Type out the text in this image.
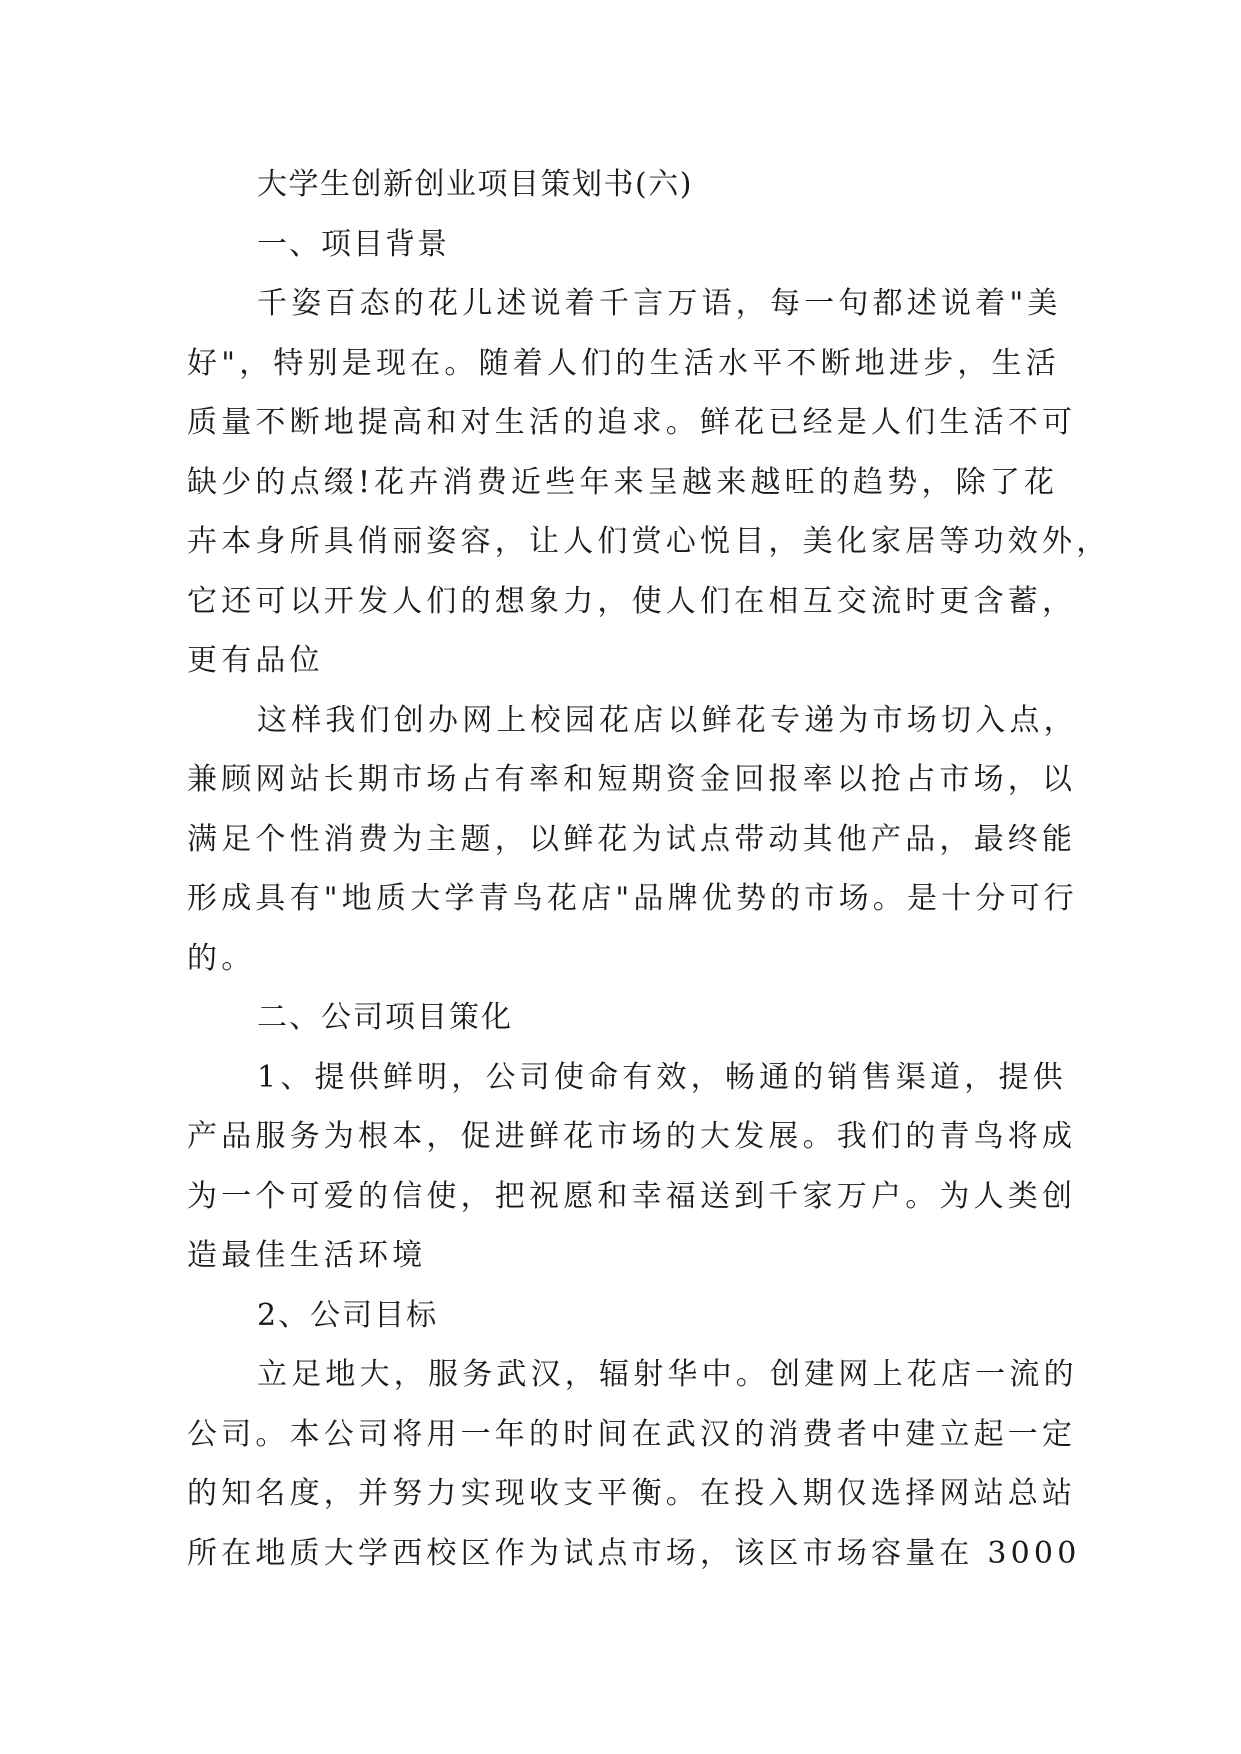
大学生创新创业项目策划书(六)
一、项目背景
千姿百态的花儿述说着千言万语，每一句都述说着"美
好"，特别是现在。随着人们的生活水平不断地进步，生活
质量不断地提高和对生活的追求。鲜花已经是人们生活不可
缺少的点缀!花卉消费近些年来呈越来越旺的趋势，除了花
卉本身所具俏丽姿容，让人们赏心悦目，美化家居等功效外，
它还可以开发人们的想象力，使人们在相互交流时更含蓄，
更有品位
这样我们创办网上校园花店以鲜花专递为市场切入点，
兼顾网站长期市场占有率和短期资金回报率以抢占市场，以
满足个性消费为主题，以鲜花为试点带动其他产品，最终能
形成具有"地质大学青鸟花店"品牌优势的市场。是十分可行
的。
二、公司项目策化
1、提供鲜明，公司使命有效，畅通的销售渠道，提供
产品服务为根本，促进鲜花市场的大发展。我们的青鸟将成
为一个可爱的信使，把祝愿和幸福送到千家万户。为人类创
造最佳生活环境
2、公司目标
立足地大，服务武汉，辐射华中。创建网上花店一流的
公司。本公司将用一年的时间在武汉的消费者中建立起一定
的知名度，并努力实现收支平衡。在投入期仅选择网站总站
所在地质大学西校区作为试点市场，该区市场容量在 3000
